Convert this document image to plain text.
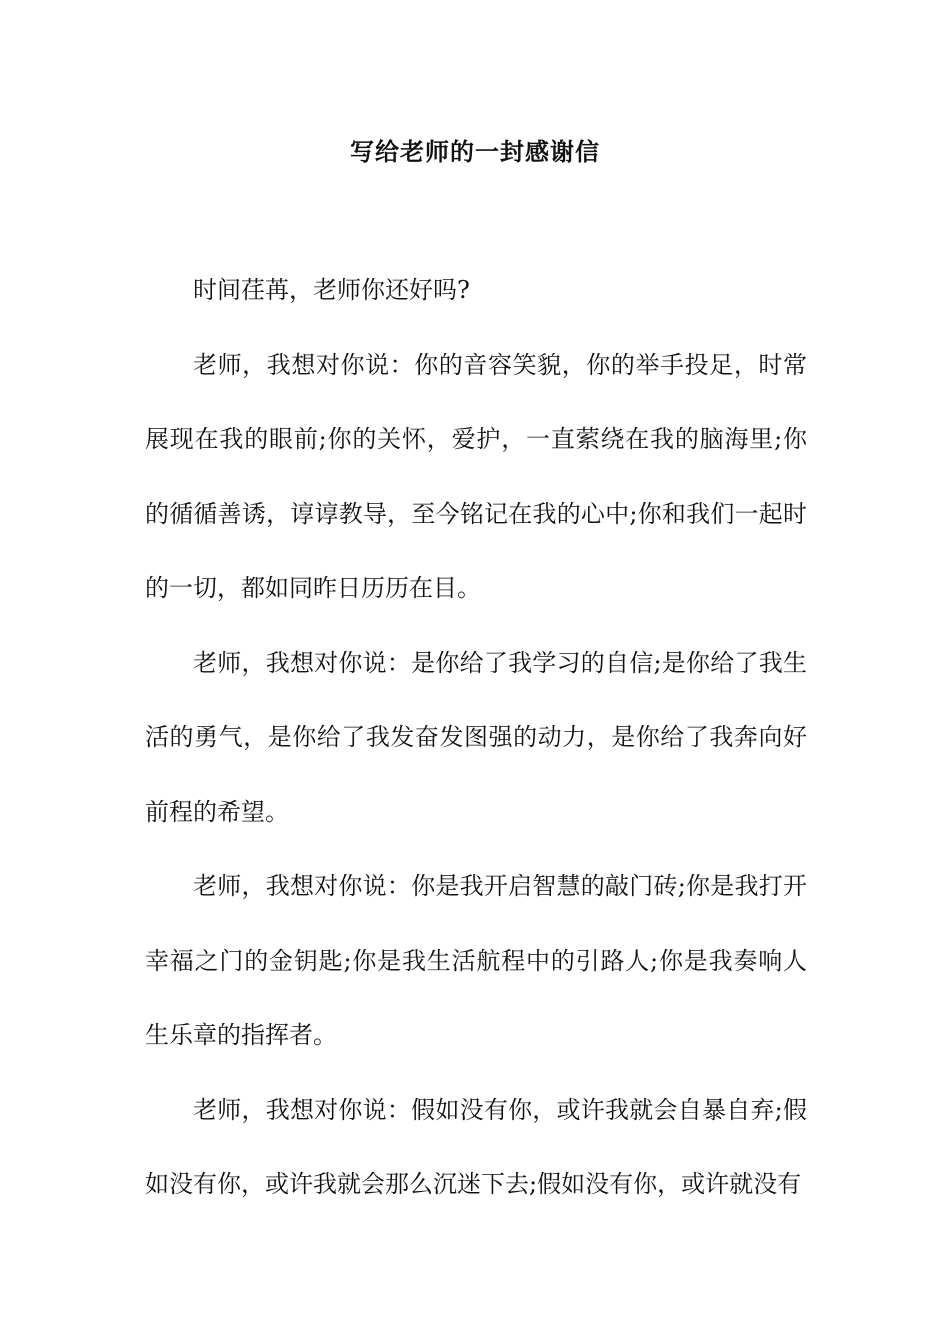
写给老师的一封感谢信

时间荏苒，老师你还好吗?

老师，我想对你说：你的音容笑貌，你的举手投足，时常展现在我的眼前;你的关怀，爱护，一直萦绕在我的脑海里;你的循循善诱，谆谆教导，至今铭记在我的心中;你和我们一起时的一切，都如同昨日历历在目。

老师，我想对你说：是你给了我学习的自信;是你给了我生活的勇气，是你给了我发奋发图强的动力，是你给了我奔向好前程的希望。

老师，我想对你说：你是我开启智慧的敲门砖;你是我打开幸福之门的金钥匙;你是我生活航程中的引路人;你是我奏响人生乐章的指挥者。

老师，我想对你说：假如没有你，或许我就会自暴自弃;假如没有你，或许我就会那么沉迷下去;假如没有你，或许就没有
